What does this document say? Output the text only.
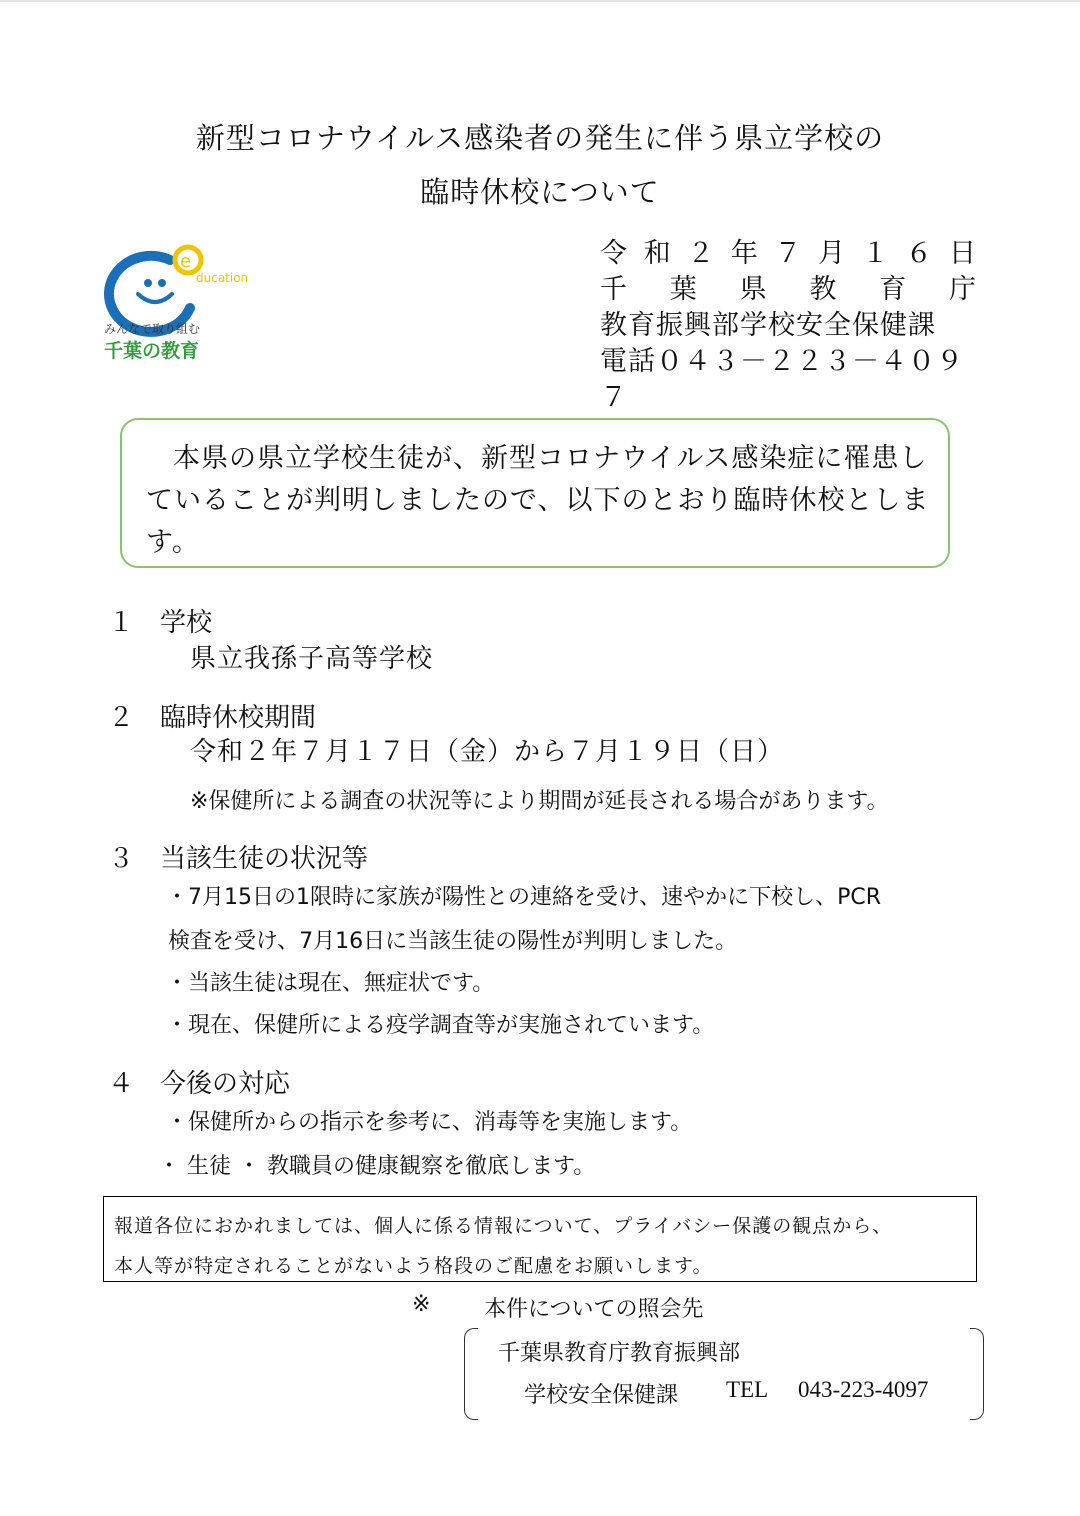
新型コロナウイルス感染者の発生に伴う県立学校の
臨時休校について
e
ducation
みんなで取り組む
千葉の教育
令 和 ２ 年 ７ 月 １ ６ 日
千 葉 県 教 育 庁
教育振興部学校安全保健課
電話０４３－２２３－４０９７
本県の県立学校生徒が、新型コロナウイルス感染症に罹患していることが判明しましたので、以下のとおり臨時休校とします。
１ 学校
県立我孫子高等学校
２ 臨時休校期間
令和２年７月１７日（金）から７月１９日（日）
※保健所による調査の状況等により期間が延長される場合があります。
３ 当該生徒の状況等
・7月15日の1限時に家族が陽性との連絡を受け、速やかに下校し、PCR
検査を受け、7月16日に当該生徒の陽性が判明しました。
・当該生徒は現在、無症状です。
・現在、保健所による疫学調査等が実施されています。
４ 今後の対応
・保健所からの指示を参考に、消毒等を実施します。
・ 生徒 ・ 教職員の健康観察を徹底します。
報道各位におかれましては、個人に係る情報について、プライバシー保護の観点から、
本人等が特定されることがないよう格段のご配慮をお願いします。
※ 本件についての照会先
千葉県教育庁教育振興部
学校安全保健課 TEL 043-223-4097
